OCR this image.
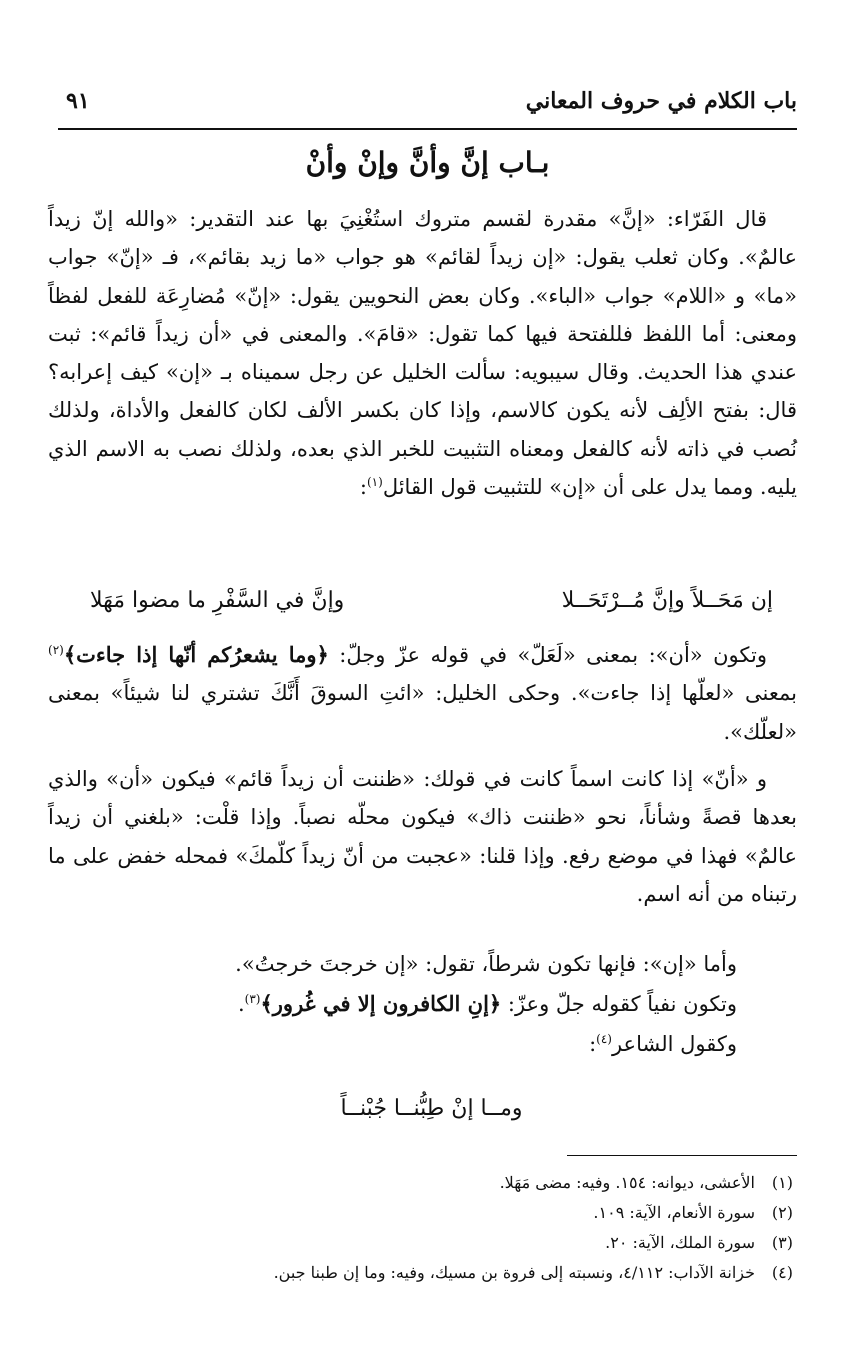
باب الكلام في حروف المعاني
٩١
بـاب إنَّ وأنَّ وإنْ وأنْ

قال الفَرّاء: «إنَّ» مقدرة لقسم متروك استُغْنِيَ بها عند التقدير: «والله إنّ زيداً عالمٌ». وكان ثعلب يقول: «إن زيداً لقائم» هو جواب «ما زيد بقائم»، فـ «إنّ» جواب «ما» و «اللام» جواب «الباء». وكان بعض النحويين يقول: «إنّ» مُضارِعَة للفعل لفظاً ومعنى: أما اللفظ فللفتحة فيها كما تقول: «قامَ». والمعنى في «أن زيداً قائم»: ثبت عندي هذا الحديث. وقال سيبويه: سألت الخليل عن رجل سميناه بـ «إن» كيف إعرابه؟ قال: بفتح الألِف لأنه يكون كالاسم، وإذا كان بكسر الألف لكان كالفعل والأداة، ولذلك نُصب في ذاته لأنه كالفعل ومعناه التثبيت للخبر الذي بعده، ولذلك نصب به الاسم الذي يليه. ومما يدل على أن «إن» للتثبيت قول القائل$^{(١)}$:

إن مَحَــلاً وإنَّ مُــرْتَحَــلا
وإنَّ في السَّفْرِ ما مضوا مَهَلا

وتكون «أن»: بمعنى «لَعَلّ» في قوله عزّ وجلّ: ﴿وما يشعرُكم أنّها إذا جاءت﴾$^{(٢)}$ بمعنى «لعلّها إذا جاءت». وحكى الخليل: «ائتِ السوقَ أَنَّكَ تشتري لنا شيئاً» بمعنى «لعلّك».

و «أنّ» إذا كانت اسماً كانت في قولك: «ظننت أن زيداً قائم» فيكون «أن» والذي بعدها قصةً وشأناً، نحو «ظننت ذاك» فيكون محلّه نصباً. وإذا قلْت: «بلغني أن زيداً عالمٌ» فهذا في موضع رفع. وإذا قلنا: «عجبت من أنّ زيداً كلّمكَ» فمحله خفض على ما رتبناه من أنه اسم.

وأما «إن»: فإنها تكون شرطاً، تقول: «إن خرجتَ خرجتُ».

وتكون نفياً كقوله جلّ وعزّ: ﴿إنِ الكافرون إلا في غُرور﴾$^{(٣)}$.

وكقول الشاعر$^{(٤)}$:

ومــا إنْ طِبُّنــا جُبْنــاً
(١)
الأعشى، ديوانه: ١٥٤. وفيه: مضى مَهَلا.
(٢)
سورة الأنعام، الآية: ١٠٩.
(٣)
سورة الملك، الآية: ٢٠.
(٤)
خزانة الآداب: ٤/١١٢، ونسبته إلى فروة بن مسيك، وفيه: وما إن طبنا جبن.
